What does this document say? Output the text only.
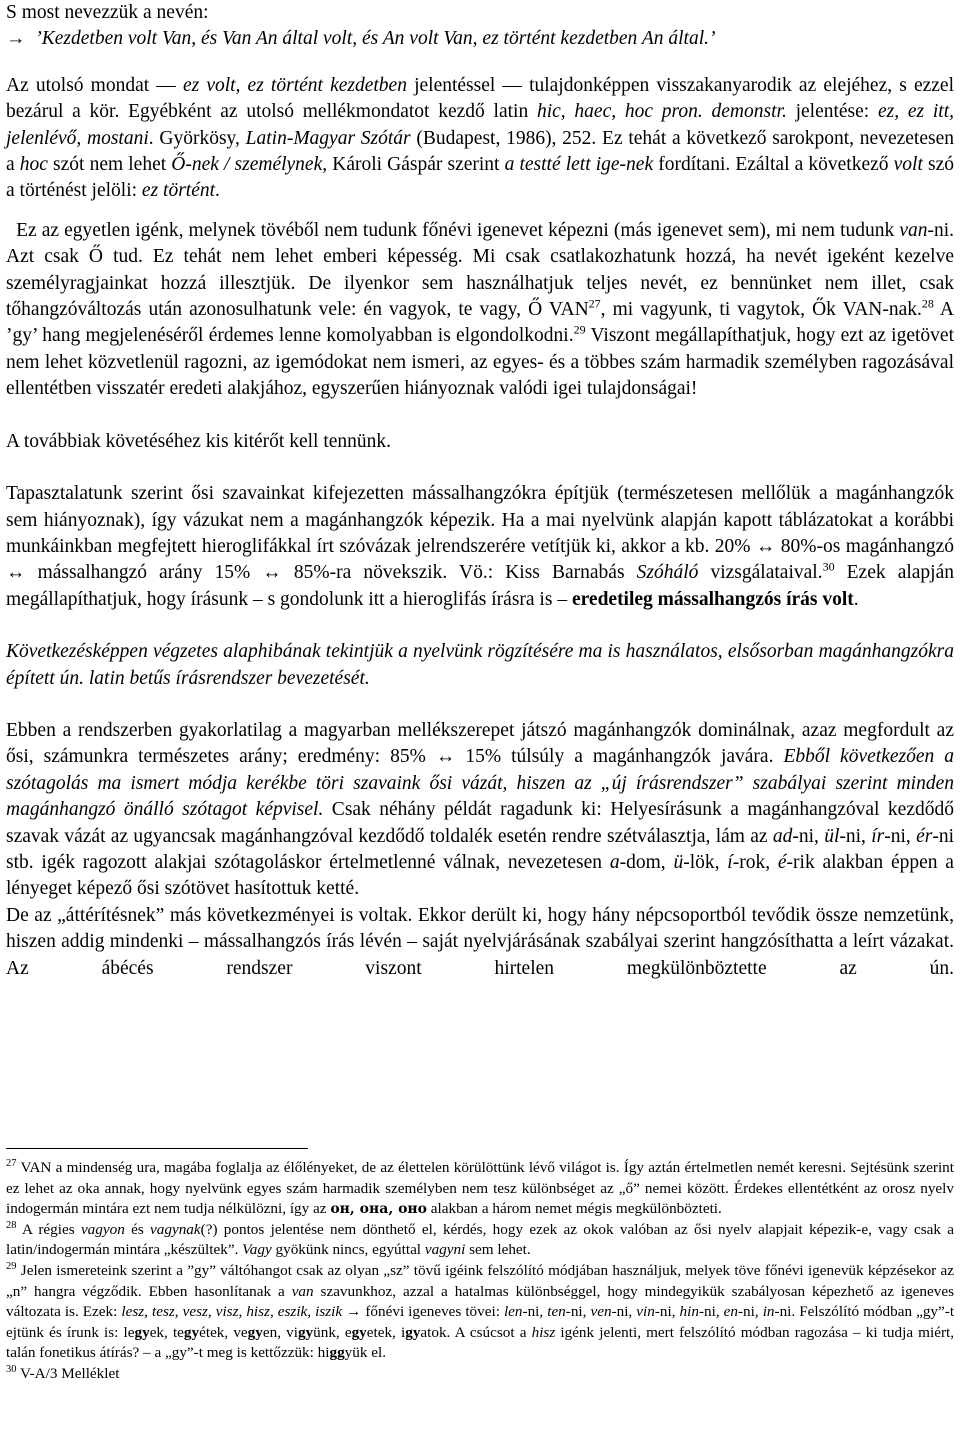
S most nevezzük a nevén:

→ ’Kezdetben volt Van, és Van An által volt, és An volt Van, ez történt kezdetben An által.’

Az utolsó mondat — ez volt, ez történt kezdetben jelentéssel — tulajdonképpen visszakanyarodik az elejéhez, s ezzel bezárul a kör. Egyébként az utolsó mellékmondatot kezdő latin hic, haec, hoc pron. demonstr. jelentése: ez, ez itt, jelenlévő, mostani. Györkösy, Latin-Magyar Szótár (Budapest, 1986), 252. Ez tehát a következő sarokpont, nevezetesen a hoc szót nem lehet Ő-nek / személynek, Károli Gáspár szerint a testté lett ige-nek fordítani. Ezáltal a következő volt szó a történést jelöli: ez történt.

Ez az egyetlen igénk, melynek tövéből nem tudunk főnévi igenevet képezni (más igenevet sem), mi nem tudunk van-ni. Azt csak Ő tud. Ez tehát nem lehet emberi képesség. Mi csak csatlakozhatunk hozzá, ha nevét igeként kezelve személyragjainkat hozzá illesztjük. De ilyenkor sem használhatjuk teljes nevét, ez bennünket nem illet, csak tőhangzóváltozás után azonosulhatunk vele: én vagyok, te vagy, Ő VAN$^{27}$, mi vagyunk, ti vagytok, Ők VAN-nak.$^{28}$ A ’gy’ hang megjelenéséről érdemes lenne komolyabban is elgondolkodni.$^{29}$ Viszont megállapíthatjuk, hogy ezt az igetövet nem lehet közvetlenül ragozni, az igemódokat nem ismeri, az egyes- és a többes szám harmadik személyben ragozásával ellentétben visszatér eredeti alakjához, egyszerűen hiányoznak valódi igei tulajdonságai!

A továbbiak követéséhez kis kitérőt kell tennünk.

Tapasztalatunk szerint ősi szavainkat kifejezetten mássalhangzókra építjük (természetesen mellőlük a magánhangzók sem hiányoznak), így vázukat nem a magánhangzók képezik. Ha a mai nyelvünk alapján kapott táblázatokat a korábbi munkáinkban megfejtett hieroglifákkal írt szóvázak jelrendszerére vetítjük ki, akkor a kb. 20% ↔ 80%-os magánhangzó ↔ mássalhangzó arány 15% ↔ 85%-ra növekszik. Vö.: Kiss Barnabás Szóháló vizsgálataival.$^{30}$ Ezek alapján megállapíthatjuk, hogy írásunk – s gondolunk itt a hieroglifás írásra is – eredetileg mássalhangzós írás volt.

Következésképpen végzetes alaphibának tekintjük a nyelvünk rögzítésére ma is használatos, elsősorban magánhangzókra épített ún. latin betűs írásrendszer bevezetését.

Ebben a rendszerben gyakorlatilag a magyarban mellékszerepet játszó magánhangzók dominálnak, azaz megfordult az ősi, számunkra természetes arány; eredmény: 85% ↔ 15% túlsúly a magánhangzók javára. Ebből következően a szótagolás ma ismert módja kerékbe töri szavaink ősi vázát, hiszen az „új írásrendszer” szabályai szerint minden magánhangzó önálló szótagot képvisel. Csak néhány példát ragadunk ki: Helyesírásunk a magánhangzóval kezdődő szavak vázát az ugyancsak magánhangzóval kezdődő toldalék esetén rendre szétválasztja, lám az ad-ni, ül-ni, ír-ni, ér-ni stb. igék ragozott alakjai szótagoláskor értelmetlenné válnak, nevezetesen a-dom, ü-lök, í-rok, é-rik alakban éppen a lényeget képező ősi szótövet hasítottuk ketté.

De az „áttérítésnek” más következményei is voltak. Ekkor derült ki, hogy hány népcsoportból tevődik össze nemzetünk, hiszen addig mindenki – mássalhangzós írás lévén – saját nyelvjárásának szabályai szerint hangzósíthatta a leírt vázakat. Az ábécés rendszer viszont hirtelen megkülönböztette az ún.

$^{27}$ VAN a mindenség ura, magába foglalja az élőlényeket, de az élettelen körülöttünk lévő világot is. Így aztán értelmetlen nemét keresni. Sejtésünk szerint ez lehet az oka annak, hogy nyelvünk egyes szám harmadik személyben nem tesz különbséget az „ő” nemei között. Érdekes ellentétként az orosz nyelv indogermán mintára ezt nem tudja nélkülözni, így az он, она, оно alakban a három nemet mégis megkülönbözteti.

$^{28}$ A régies vagyon és vagynak(?) pontos jelentése nem dönthető el, kérdés, hogy ezek az okok valóban az ősi nyelv alapjait képezik-e, vagy csak a latin/indogermán mintára „készültek”. Vagy gyökünk nincs, egyúttal vagyni sem lehet.

$^{29}$ Jelen ismereteink szerint a ”gy” váltóhangot csak az olyan „sz” tövű igéink felszólító módjában használjuk, melyek töve főnévi igenevük képzésekor az „n” hangra végződik. Ebben hasonlítanak a van szavunkhoz, azzal a hatalmas különbséggel, hogy mindegyikük szabályosan képezhető az igeneves változata is. Ezek: lesz, tesz, vesz, visz, hisz, eszik, iszik → főnévi igeneves tövei: len-ni, ten-ni, ven-ni, vin-ni, hin-ni, en-ni, in-ni. Felszólító módban „gy”-t ejtünk és írunk is: legyek, tegyétek, vegyen, vigyünk, egyetek, igyatok. A csúcsot a hisz igénk jelenti, mert felszólító módban ragozása – ki tudja miért, talán fonetikus átírás? – a „gy”-t meg is kettőzzük: higgyük el.

$^{30}$ V-A/3 Melléklet
